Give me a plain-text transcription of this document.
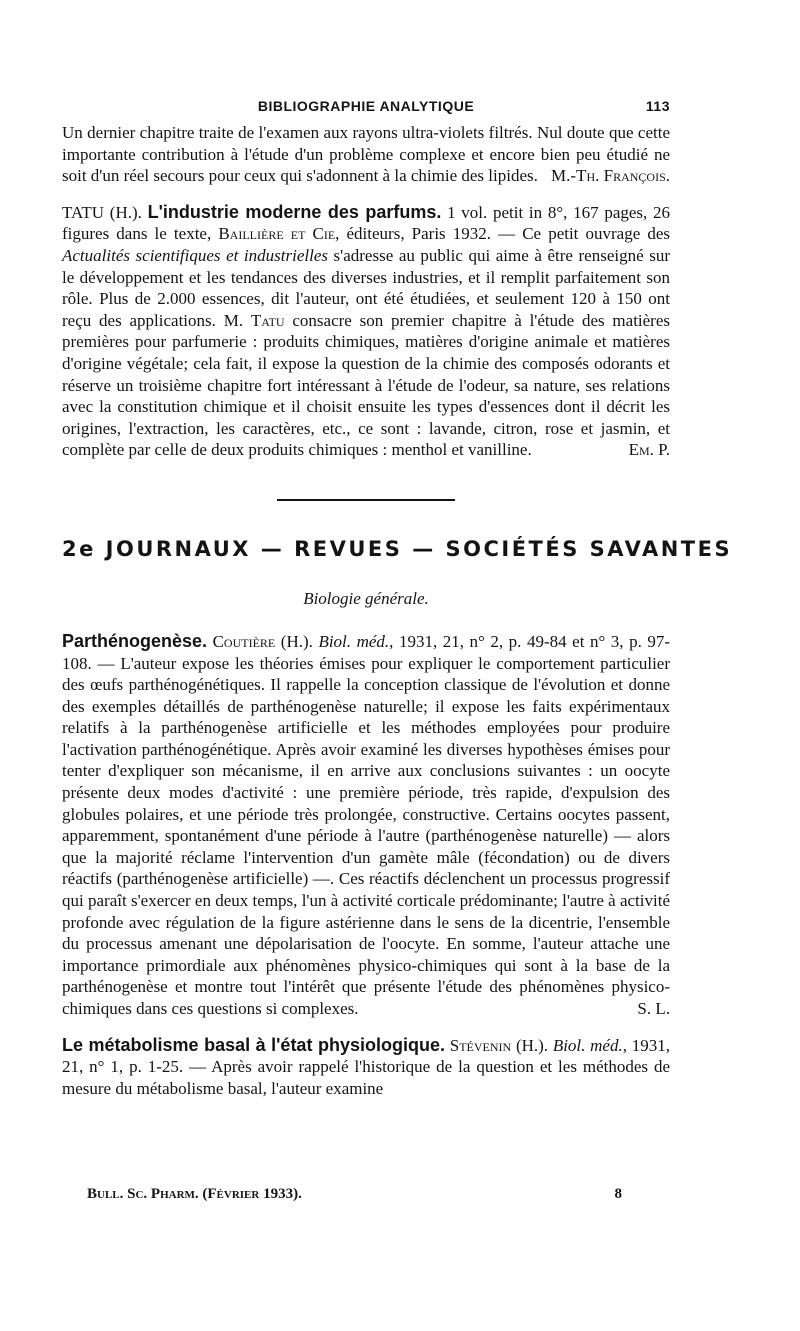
BIBLIOGRAPHIE ANALYTIQUE	113

Un dernier chapitre traite de l'examen aux rayons ultra-violets filtrés. Nul doute que cette importante contribution à l'étude d'un problème complexe et encore bien peu étudié ne soit d'un réel secours pour ceux qui s'adonnent à la chimie des lipides. M.-Th. François.

TATU (H.). L'industrie moderne des parfums. 1 vol. petit in 8°, 167 pages, 26 figures dans le texte, Baillière et Cie, éditeurs, Paris 1932. — Ce petit ouvrage des Actualités scientifiques et industrielles s'adresse au public qui aime à être renseigné sur le développement et les tendances des diverses industries, et il remplit parfaitement son rôle. Plus de 2.000 essences, dit l'auteur, ont été étudiées, et seulement 120 à 150 ont reçu des applications. M. Tatu consacre son premier chapitre à l'étude des matières premières pour parfumerie : produits chimiques, matières d'origine animale et matières d'origine végétale; cela fait, il expose la question de la chimie des composés odorants et réserve un troisième chapitre fort intéressant à l'étude de l'odeur, sa nature, ses relations avec la constitution chimique et il choisit ensuite les types d'essences dont il décrit les origines, l'extraction, les caractères, etc., ce sont : lavande, citron, rose et jasmin, et complète par celle de deux produits chimiques : menthol et vanilline.	Em. P.

2e JOURNAUX — REVUES — SOCIÉTÉS SAVANTES

Biologie générale.

Parthénogenèse. Coutière (H.). Biol. méd., 1931, 21, n° 2, p. 49-84 et n° 3, p. 97-108. — L'auteur expose les théories émises pour expliquer le comportement particulier des œufs parthénogénétiques. Il rappelle la conception classique de l'évolution et donne des exemples détaillés de parthénogenèse naturelle; il expose les faits expérimentaux relatifs à la parthénogenèse artificielle et les méthodes employées pour produire l'activation parthénogénétique. Après avoir examiné les diverses hypothèses émises pour tenter d'expliquer son mécanisme, il en arrive aux conclusions suivantes : un oocyte présente deux modes d'activité : une première période, très rapide, d'expulsion des globules polaires, et une période très prolongée, constructive. Certains oocytes passent, apparemment, spontanément d'une période à l'autre (parthénogenèse naturelle) — alors que la majorité réclame l'intervention d'un gamète mâle (fécondation) ou de divers réactifs (parthénogenèse artificielle) —. Ces réactifs déclenchent un processus progressif qui paraît s'exercer en deux temps, l'un à activité corticale prédominante; l'autre à activité profonde avec régulation de la figure astérienne dans le sens de la dicentrie, l'ensemble du processus amenant une dépolarisation de l'oocyte. En somme, l'auteur attache une importance primordiale aux phénomènes physico-chimiques qui sont à la base de la parthénogenèse et montre tout l'intérêt que présente l'étude des phénomènes physico-chimiques dans ces questions si complexes.	S. L.

Le métabolisme basal à l'état physiologique. Stévenin (H.). Biol. méd., 1931, 21, n° 1, p. 1-25. — Après avoir rappelé l'historique de la question et les méthodes de mesure du métabolisme basal, l'auteur examine

Bull. Sc. Pharm. (Février 1933).	8
